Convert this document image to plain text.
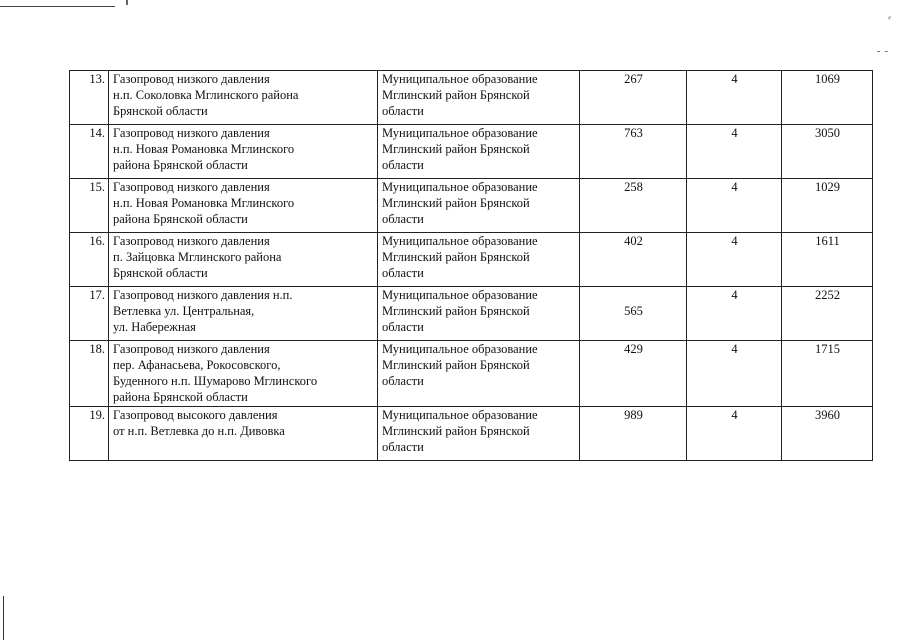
ᵉ
- -
13.	Газопровод низкого давления
н.п. Соколовка Мглинского района
Брянской области	Муниципальное образование
Мглинский район Брянской
области	267	4	1069
14.	Газопровод низкого давления
н.п. Новая Романовка Мглинского
района Брянской области	Муниципальное образование
Мглинский район Брянской
области	763	4	3050
15.	Газопровод низкого давления
н.п. Новая Романовка Мглинского
района Брянской области	Муниципальное образование
Мглинский район Брянской
области	258	4	1029
16.	Газопровод низкого давления
п. Зайцовка Мглинского района
Брянской области	Муниципальное образование
Мглинский район Брянской
области	402	4	1611
17.	Газопровод низкого давления н.п.
Ветлевка ул. Центральная,
ул. Набережная	Муниципальное образование
Мглинский район Брянской
области	565	4	2252
18.	Газопровод низкого давления
пер. Афанасьева, Рокосовского,
Буденного н.п. Шумарово Мглинского
района Брянской области	Муниципальное образование
Мглинский район Брянской
области	429	4	1715
19.	Газопровод высокого давления
от н.п. Ветлевка до н.п. Дивовка	Муниципальное образование
Мглинский район Брянской
области	989	4	3960
